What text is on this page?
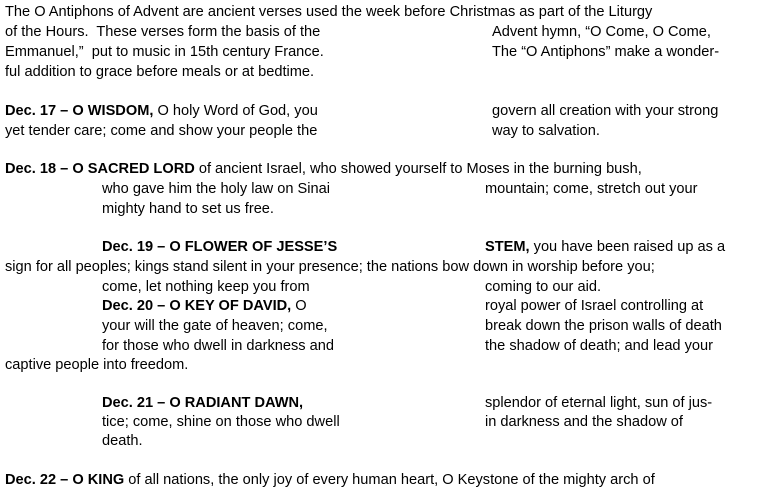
The O Antiphons of Advent are ancient verses used the week before Christmas as part of the Liturgy
of the Hours.  These verses form the basis of the	Advent hymn, “O Come, O Come,
Emmanuel,”  put to music in 15th century France.	The “O Antiphons” make a wonder-
ful addition to grace before meals or at bedtime.
Dec. 17 – O WISDOM, O holy Word of God, you	govern all creation with your strong
yet tender care; come and show your people the	way to salvation.
Dec. 18 – O SACRED LORD of ancient Israel, who showed yourself to Moses in the burning bush,
who gave him the holy law on Sinai	mountain; come, stretch out your
mighty hand to set us free.
Dec. 19 – O FLOWER OF JESSE’S	STEM, you have been raised up as a
sign for all peoples; kings stand silent in your presence; the nations bow down in worship before you;
come, let nothing keep you from	coming to our aid.
Dec. 20 – O KEY OF DAVID, O	royal power of Israel controlling at
your will the gate of heaven; come,	break down the prison walls of death
for those who dwell in darkness and	the shadow of death; and lead your
captive people into freedom.
Dec. 21 – O RADIANT DAWN,	splendor of eternal light, sun of jus-
tice; come, shine on those who dwell	in darkness and the shadow of
death.
Dec. 22 – O KING of all nations, the only joy of every human heart, O Keystone of the mighty arch of
